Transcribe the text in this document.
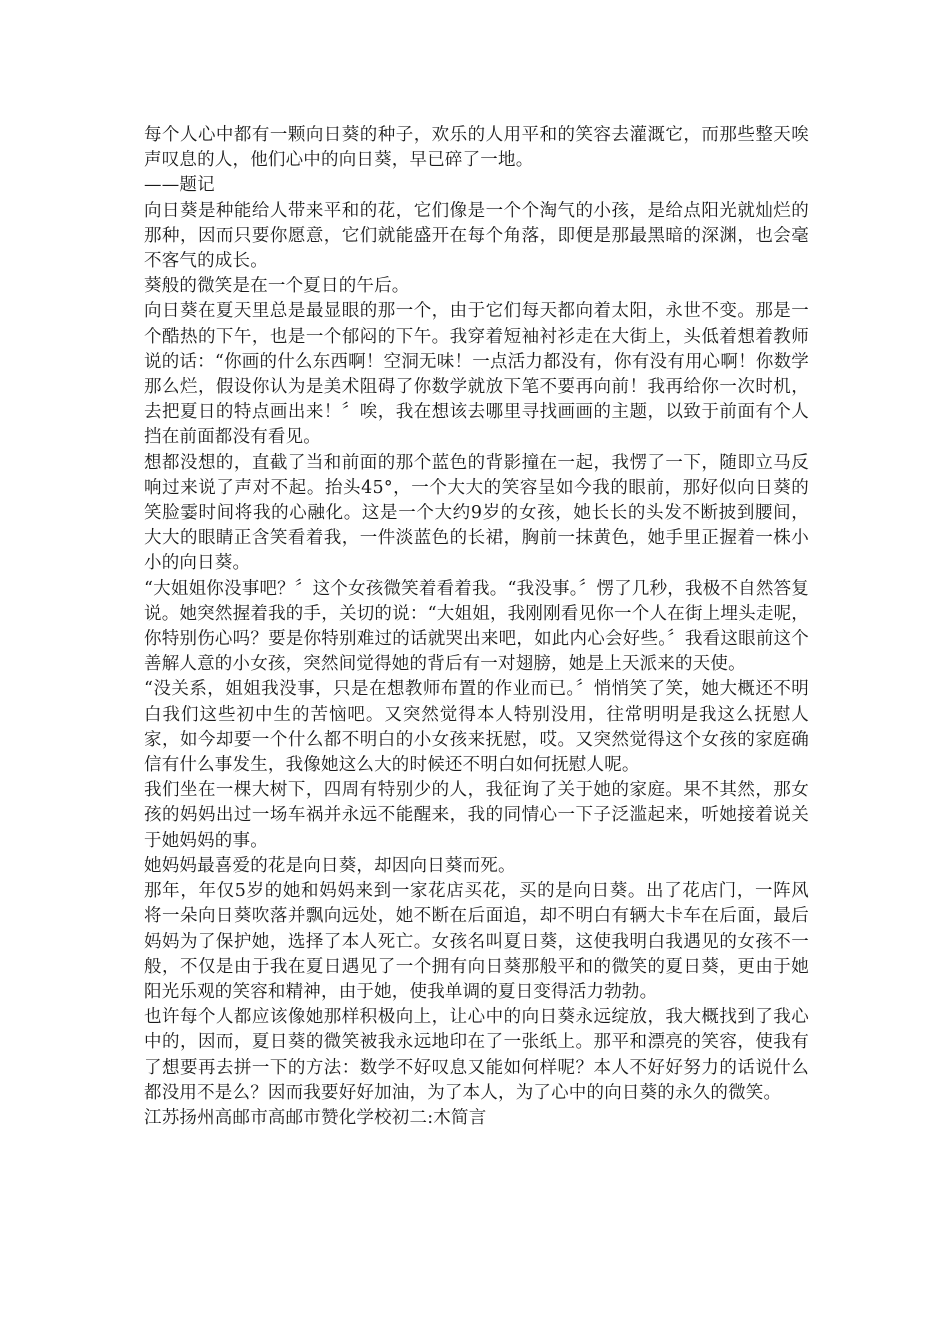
每个人心中都有一颗向日葵的种子，欢乐的人用平和的笑容去灌溉它，而那些整天唉声叹息的人，他们心中的向日葵，早已碎了一地。

——题记

向日葵是种能给人带来平和的花，它们像是一个个淘气的小孩，是给点阳光就灿烂的那种，因而只要你愿意，它们就能盛开在每个角落，即便是那最黑暗的深渊，也会毫不客气的成长。

葵般的微笑是在一个夏日的午后。

向日葵在夏天里总是最显眼的那一个，由于它们每天都向着太阳，永世不变。那是一个酷热的下午，也是一个郁闷的下午。我穿着短袖衬衫走在大街上，头低着想着教师说的话：“你画的什么东西啊！空洞无味！一点活力都没有，你有没有用心啊！你数学那么烂，假设你认为是美术阻碍了你数学就放下笔不要再向前！我再给你一次时机，去把夏日的特点画出来！〞唉，我在想该去哪里寻找画画的主题，以致于前面有个人挡在前面都没有看见。

想都没想的，直截了当和前面的那个蓝色的背影撞在一起，我愣了一下，随即立马反响过来说了声对不起。抬头45°，一个大大的笑容呈如今我的眼前，那好似向日葵的笑脸霎时间将我的心融化。这是一个大约9岁的女孩，她长长的头发不断披到腰间，大大的眼睛正含笑看着我，一件淡蓝色的长裙，胸前一抹黄色，她手里正握着一株小小的向日葵。

“大姐姐你没事吧？〞这个女孩微笑着看着我。“我没事。〞愣了几秒，我极不自然答复说。她突然握着我的手，关切的说：“大姐姐，我刚刚看见你一个人在街上埋头走呢，你特别伤心吗？要是你特别难过的话就哭出来吧，如此内心会好些。〞我看这眼前这个善解人意的小女孩，突然间觉得她的背后有一对翅膀，她是上天派来的天使。

“没关系，姐姐我没事，只是在想教师布置的作业而已。〞悄悄笑了笑，她大概还不明白我们这些初中生的苦恼吧。又突然觉得本人特别没用，往常明明是我这么抚慰人家，如今却要一个什么都不明白的小女孩来抚慰，哎。又突然觉得这个女孩的家庭确信有什么事发生，我像她这么大的时候还不明白如何抚慰人呢。

我们坐在一棵大树下，四周有特别少的人，我征询了关于她的家庭。果不其然，那女孩的妈妈出过一场车祸并永远不能醒来，我的同情心一下子泛滥起来，听她接着说关于她妈妈的事。

她妈妈最喜爱的花是向日葵，却因向日葵而死。

那年，年仅5岁的她和妈妈来到一家花店买花，买的是向日葵。出了花店门，一阵风将一朵向日葵吹落并飘向远处，她不断在后面追，却不明白有辆大卡车在后面，最后妈妈为了保护她，选择了本人死亡。女孩名叫夏日葵，这使我明白我遇见的女孩不一般，不仅是由于我在夏日遇见了一个拥有向日葵那般平和的微笑的夏日葵，更由于她阳光乐观的笑容和精神，由于她，使我单调的夏日变得活力勃勃。

也许每个人都应该像她那样积极向上，让心中的向日葵永远绽放，我大概找到了我心中的，因而，夏日葵的微笑被我永远地印在了一张纸上。那平和漂亮的笑容，使我有了想要再去拼一下的方法：数学不好叹息又能如何样呢？本人不好好努力的话说什么都没用不是么？因而我要好好加油，为了本人，为了心中的向日葵的永久的微笑。

江苏扬州高邮市高邮市赞化学校初二:木简言
